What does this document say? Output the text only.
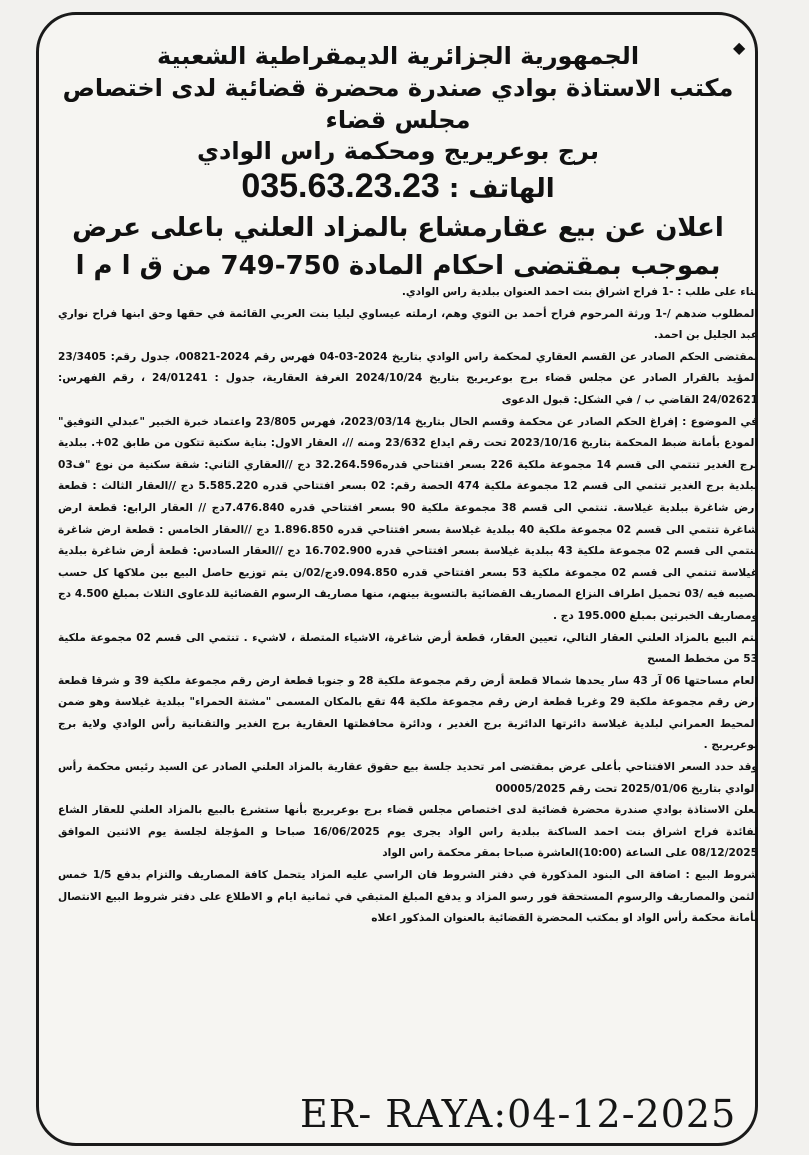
◆

الجمهورية الجزائرية الديمقراطية الشعبية

مكتب الاستاذة بوادي صندرة محضرة قضائية لدى اختصاص مجلس قضاء

برج بوعريريج ومحكمة راس الوادي

الهاتف : 035.63.23.23

اعلان عن بيع عقارمشاع بالمزاد العلني باعلى عرض

بموجب بمقتضى احكام المادة 750-749 من ق ا م ا

بناء على طلب : -1 فراح اشراق بنت احمد العنوان ببلدية راس الوادي.

المطلوب ضدهم /-1 ورثة المرحوم فراح أحمد بن التوي وهم، ارملته عيساوي ليليا بنت العربي القائمة في حقها وحق ابنها فراح نواري عبد الجليل بن احمد.

بمقتضى الحكم الصادر عن القسم العقاري لمحكمة راس الوادي بتاريخ 2024-03-04 فهرس رقم 2024-00821، جدول رقم: 23/3405 المؤيد بالقرار الصادر عن مجلس قضاء برج بوعريريج بتاريخ 2024/10/24 الغرفة العقارية، جدول : 24/01241 ، رقم الفهرس: 24/02621 القاضي ب / في الشكل: قبول الدعوى

في الموضوع : إفراغ الحكم الصادر عن محكمة وقسم الحال بتاريخ 2023/03/14، فهرس 23/805 واعتماد خبرة الخبير "عبدلي التوفيق" المودع بأمانة ضبط المحكمة بتاريخ 2023/10/16 تحت رقم ايداع 23/632 ومنه //، العقار الاول: بناية سكنية تتكون من طابق 02+. ببلدية برج الغدير تنتمي الى قسم 14 مجموعة ملكية 226 بسعر افتتاحي قدره32.264.596 دج //العقاري الثاني: شقة سكنية من نوع "ف03 ببلدية برج الغدير تنتمي الى قسم 12 مجموعة ملكية 474 الحصة رقم: 02 بسعر افتتاحي قدره 5.585.220 دج //العقار الثالث : قطعة ارض شاغرة ببلدية غيلاسة. تنتمي الى قسم 38 مجموعة ملكية 90 بسعر افتتاحي قدره 7.476.840دج // العقار الرابع: قطعة ارض شاغرة تنتمي الى قسم 02 مجموعة ملكية 40 ببلدية غيلاسة بسعر افتتاحي قدره 1.896.850 دج //العقار الخامس : قطعة ارض شاغرة تنتمي الى قسم 02 مجموعة ملكية 43 ببلدية غيلاسة بسعر افتتاحي قدره 16.702.900 دج //العقار السادس: قطعة أرض شاغرة ببلدية غيلاسة تنتمي الى قسم 02 مجموعة ملكية 53 بسعر افتتاحي قدره 9.094.850دج/02/ن يتم توزيع حاصل البيع بين ملاكها كل حسب نصيبه فيه /03 تحميل اطراف النزاع المصاريف القضائية بالتسوية بينهم، منها مصاريف الرسوم القضائية للدعاوى الثلاث بمبلغ 4.500 دج ومصاريف الخبرتين بمبلغ 195.000 دج .

يتم البيع بالمزاد العلني العقار التالي، تعيين العقار، قطعة أرض شاغرة، الاشياء المتصلة ، لاشيء . تنتمي الى قسم 02 مجموعة ملكية 53 من مخطط المسح

العام مساحتها 06 آر 43 سار يحدها شمالا قطعة أرض رقم مجموعة ملكية 28 و جنوبا قطعة ارض رقم مجموعة ملكية 39 و شرقا قطعة ارض رقم مجموعة ملكية 29 وغربا قطعة ارض رقم مجموعة ملكية 44 تقع بالمكان المسمى "مشتة الحمراء" ببلدية غيلاسة وهو ضمن المحيط العمراني لبلدية غيلاسة دائرتها الدائرية برج الغدير ، ودائرة محافظتها العقارية برج الغدير والتقنانية رأس الوادي ولاية برج بوعريريج .

وقد حدد السعر الافتتاحي بأعلى عرض بمقتضى امر تحديد جلسة بيع حقوق عقارية بالمزاد العلني الصادر عن السيد رئيس محكمة رأس الوادي بتاريخ 2025/01/06 تحت رقم 00005/2025

تعلن الاستاذة بوادي صندرة محضرة قضائية لدى اختصاص مجلس قضاء برج بوعريريج بأنها ستشرع بالبيع بالمزاد العلني للعقار الشاع لفائدة فراح اشراق بنت احمد الساكنة ببلدية راس الواد يجرى يوم 16/06/2025 صباحا و المؤجلة لجلسة يوم الاثنين الموافق 08/12/2025 على الساعة (10:00)العاشرة صباحا بمقر محكمة راس الواد

شروط البيع : اضافة الى البنود المذكورة في دفتر الشروط فان الراسي عليه المزاد يتحمل كافة المصاريف والتزام بدفع 1/5 خمس الثمن والمصاريف والرسوم المستحقة فور رسو المزاد و يدفع المبلغ المتبقي في ثمانية ايام و الاطلاع على دفتر شروط البيع الانتصال بأمانة محكمة رأس الواد او بمكتب المحضرة القضائية بالعنوان المذكور اعلاه

ER- RAYA:04-12-2025
